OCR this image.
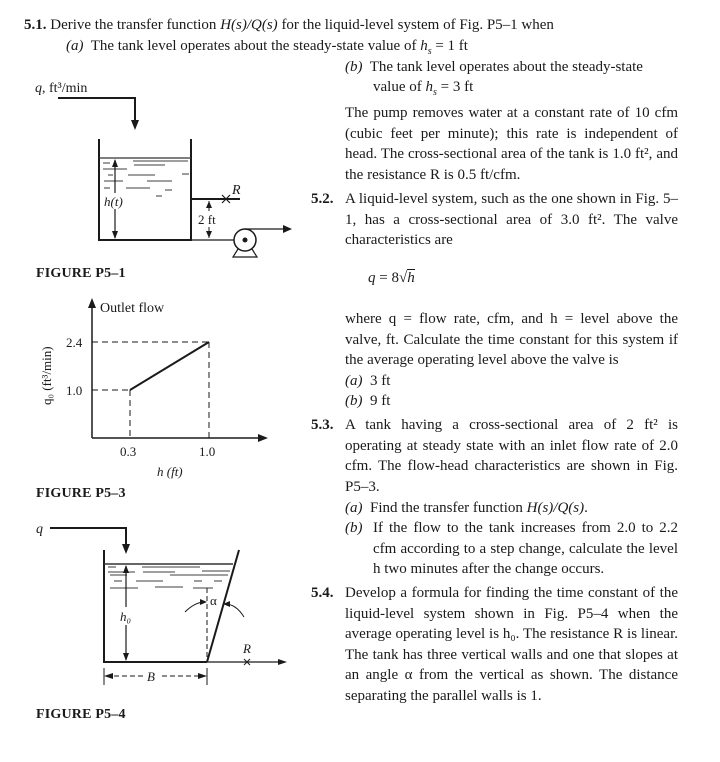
5.1. Derive the transfer function H(s)/Q(s) for the liquid-level system of Fig. P5–1 when
(a) The tank level operates about the steady-state value of $h_s = 1$ ft
(b) The tank level operates about the steady-state
value of $h_s = 3$ ft
The pump removes water at a constant rate of 10 cfm (cubic feet per minute); this rate is independent of head. The cross-sectional area of the tank is 1.0 ft², and the resistance R is 0.5 ft/cfm.
5.2. A liquid-level system, such as the one shown in Fig. 5–1, has a cross-sectional area of 3.0 ft². The valve characteristics are
q = 8√h
where q = flow rate, cfm, and h = level above the valve, ft. Calculate the time constant for this system if the average operating level above the valve is
(a) 3 ft
(b) 9 ft
5.3. A tank having a cross-sectional area of 2 ft² is operating at steady state with an inlet flow rate of 2.0 cfm. The flow-head characteristics are shown in Fig. P5–3.
(a) Find the transfer function H(s)/Q(s).
(b) If the flow to the tank increases from 2.0 to 2.2 cfm according to a step change, calculate the level h two minutes after the change occurs.
5.4. Develop a formula for finding the time constant of the liquid-level system shown in Fig. P5–4 when the average operating level is h₀. The resistance R is linear. The tank has three vertical walls and one that slopes at an angle α from the vertical as shown. The distance separating the parallel walls is 1.
q, ft³/min
h(t)
R
2 ft
FIGURE P5–1
Outlet flow
2.4
1.0
0.3	1.0
h (ft)
q₀ (ft³/min)
FIGURE P5–3
q
h₀
α
R
B
FIGURE P5–4
